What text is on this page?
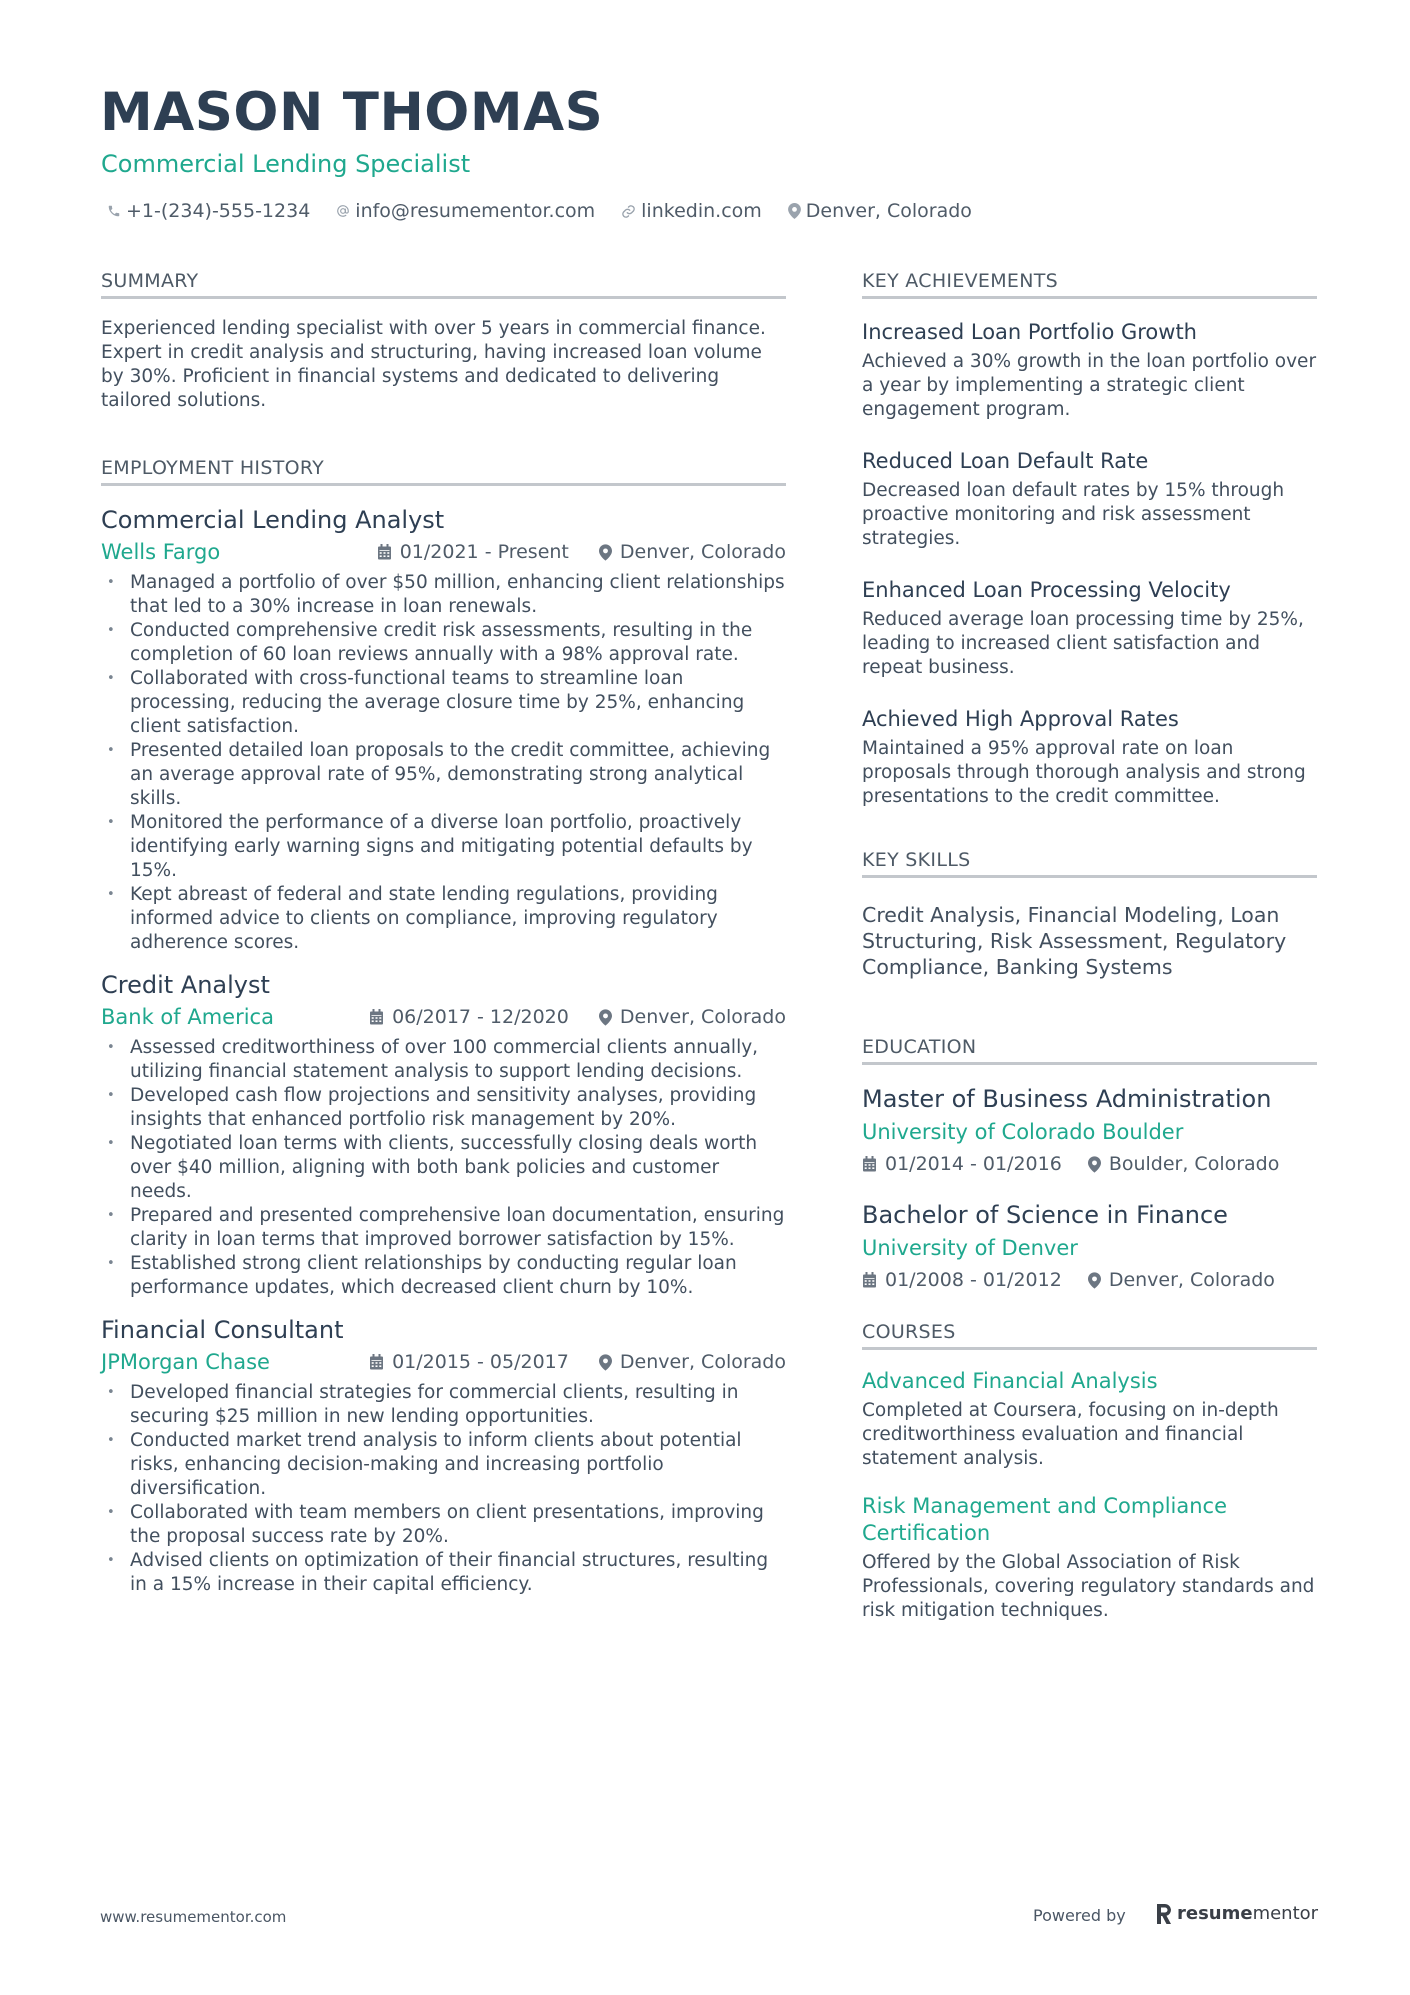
MASON THOMAS
Commercial Lending Specialist
+1-(234)-555-1234 info@resumementor.com linkedin.com Denver, Colorado
SUMMARY

Experienced lending specialist with over 5 years in commercial finance. Expert in credit analysis and structuring, having increased loan volume by 30%. Proficient in financial systems and dedicated to delivering tailored solutions.

EMPLOYMENT HISTORY
Commercial Lending Analyst
Wells Fargo	01/2021 - Present	Denver, Colorado
• Managed a portfolio of over $50 million, enhancing client relationships that led to a 30% increase in loan renewals.
• Conducted comprehensive credit risk assessments, resulting in the completion of 60 loan reviews annually with a 98% approval rate.
• Collaborated with cross-functional teams to streamline loan processing, reducing the average closure time by 25%, enhancing client satisfaction.
• Presented detailed loan proposals to the credit committee, achieving an average approval rate of 95%, demonstrating strong analytical skills.
• Monitored the performance of a diverse loan portfolio, proactively identifying early warning signs and mitigating potential defaults by 15%.
• Kept abreast of federal and state lending regulations, providing informed advice to clients on compliance, improving regulatory adherence scores.
Credit Analyst
Bank of America	06/2017 - 12/2020	Denver, Colorado
• Assessed creditworthiness of over 100 commercial clients annually, utilizing financial statement analysis to support lending decisions.
• Developed cash flow projections and sensitivity analyses, providing insights that enhanced portfolio risk management by 20%.
• Negotiated loan terms with clients, successfully closing deals worth over $40 million, aligning with both bank policies and customer needs.
• Prepared and presented comprehensive loan documentation, ensuring clarity in loan terms that improved borrower satisfaction by 15%.
• Established strong client relationships by conducting regular loan performance updates, which decreased client churn by 10%.
Financial Consultant
JPMorgan Chase	01/2015 - 05/2017	Denver, Colorado
• Developed financial strategies for commercial clients, resulting in securing $25 million in new lending opportunities.
• Conducted market trend analysis to inform clients about potential risks, enhancing decision-making and increasing portfolio diversification.
• Collaborated with team members on client presentations, improving the proposal success rate by 20%.
• Advised clients on optimization of their financial structures, resulting in a 15% increase in their capital efficiency.
KEY ACHIEVEMENTS
Increased Loan Portfolio Growth

Achieved a 30% growth in the loan portfolio over a year by implementing a strategic client engagement program.

Reduced Loan Default Rate

Decreased loan default rates by 15% through proactive monitoring and risk assessment strategies.

Enhanced Loan Processing Velocity

Reduced average loan processing time by 25%, leading to increased client satisfaction and repeat business.

Achieved High Approval Rates

Maintained a 95% approval rate on loan proposals through thorough analysis and strong presentations to the credit committee.

KEY SKILLS

Credit Analysis, Financial Modeling, Loan Structuring, Risk Assessment, Regulatory Compliance, Banking Systems

EDUCATION
Master of Business Administration
University of Colorado Boulder
01/2014 - 01/2016 Boulder, Colorado
Bachelor of Science in Finance
University of Denver
01/2008 - 01/2012 Denver, Colorado
COURSES
Advanced Financial Analysis

Completed at Coursera, focusing on in-depth creditworthiness evaluation and financial statement analysis.

Risk Management and Compliance Certification

Offered by the Global Association of Risk Professionals, covering regulatory standards and risk mitigation techniques.

www.resumementor.com	Powered by	resume mentor
